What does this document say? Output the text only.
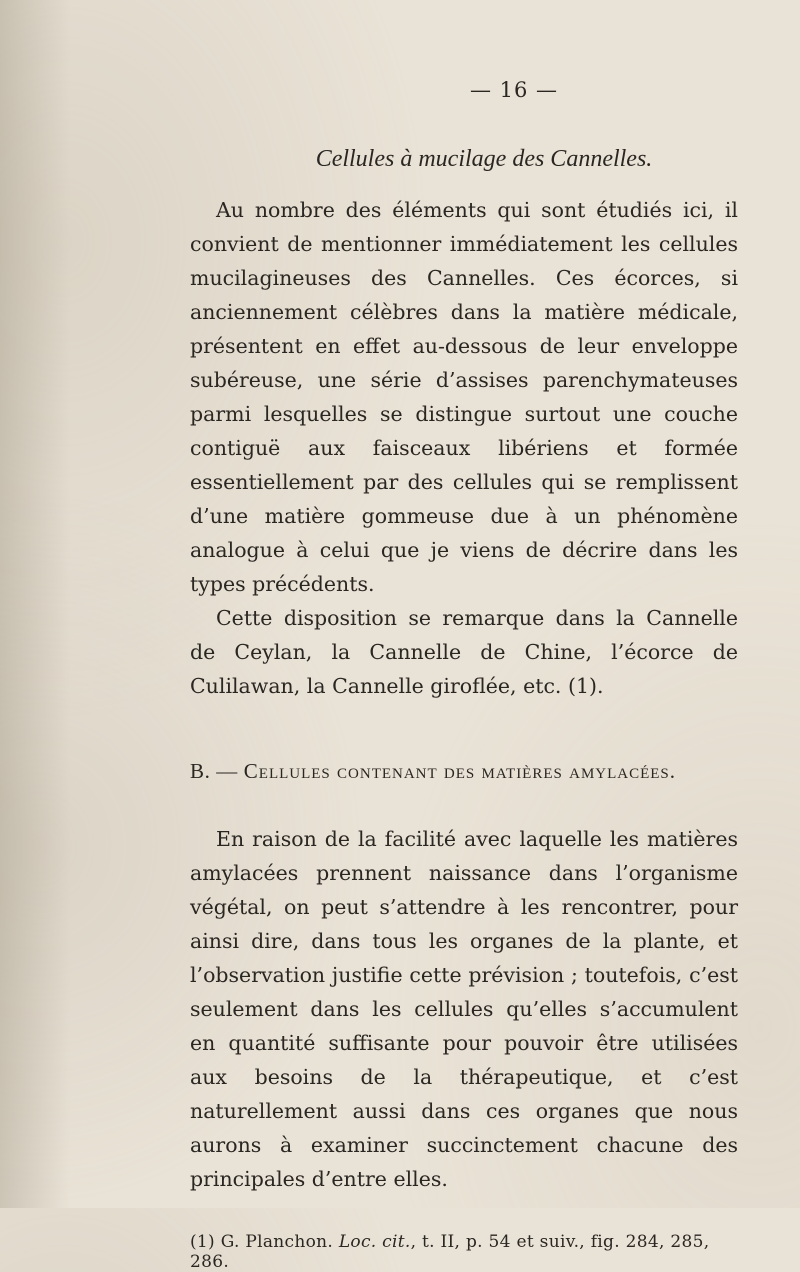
— 16 —
Cellules à mucilage des Cannelles.

Au nombre des éléments qui sont étudiés ici, il convient de mentionner immédiatement les cellules mucilagineuses des Cannelles. Ces écorces, si anciennement célèbres dans la matière médicale, présentent en effet au-dessous de leur enveloppe subéreuse, une série d’assises parenchymateuses parmi lesquelles se distingue surtout une couche contiguë aux faisceaux libériens et formée essentiellement par des cellules qui se remplissent d’une matière gommeuse due à un phénomène analogue à celui que je viens de décrire dans les types précédents.

Cette disposition se remarque dans la Cannelle de Ceylan, la Cannelle de Chine, l’écorce de Culilawan, la Cannelle giroflée, etc. (1).

B. — Cellules contenant des matières amylacées.

En raison de la facilité avec laquelle les matières amylacées prennent naissance dans l’organisme végétal, on peut s’attendre à les rencontrer, pour ainsi dire, dans tous les organes de la plante, et l’observation justifie cette prévision ; toutefois, c’est seulement dans les cellules qu’elles s’accumulent en quantité suffisante pour pouvoir être utilisées aux besoins de la thérapeutique, et c’est naturellement aussi dans ces organes que nous aurons à examiner succinctement chacune des principales d’entre elles.

(1) G. Planchon. Loc. cit., t. II, p. 54 et suiv., fig. 284, 285, 286.
